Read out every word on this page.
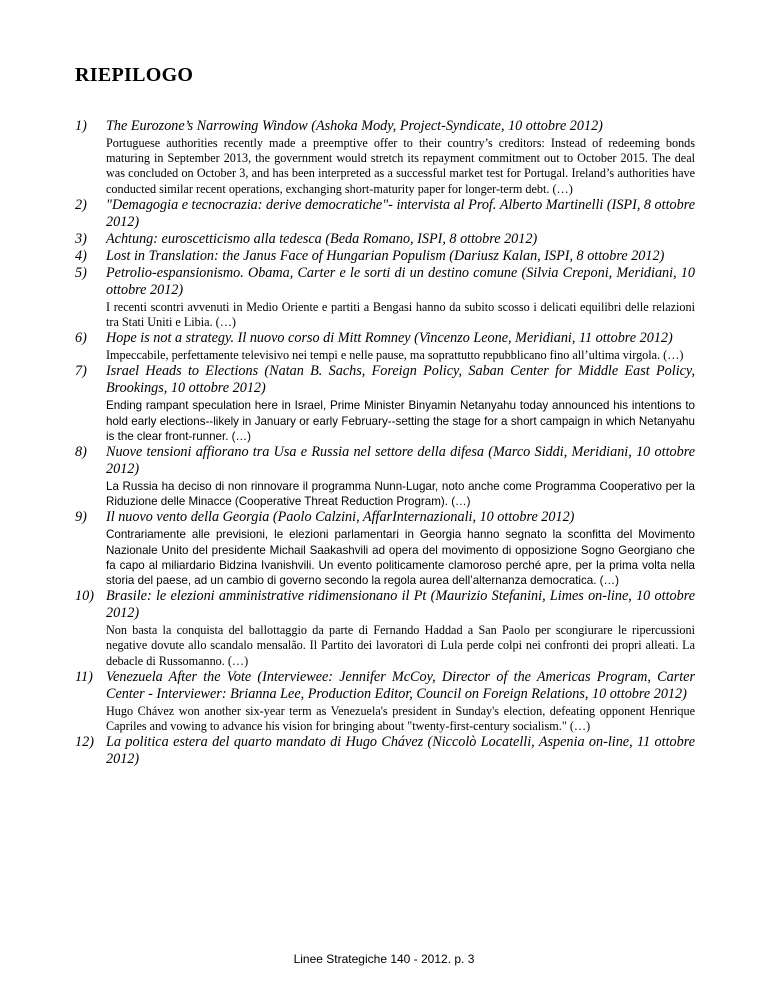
RIEPILOGO
1) The Eurozone’s Narrowing Window (Ashoka Mody, Project-Syndicate, 10 ottobre 2012)
Portuguese authorities recently made a preemptive offer to their country’s creditors: Instead of redeeming bonds maturing in September 2013, the government would stretch its repayment commitment out to October 2015. The deal was concluded on October 3, and has been interpreted as a successful market test for Portugal. Ireland’s authorities have conducted similar recent operations, exchanging short-maturity paper for longer-term debt. (…)
2) "Demagogia e tecnocrazia: derive democratiche"- intervista al Prof. Alberto Martinelli (ISPI, 8 ottobre 2012)
3) Achtung: euroscetticismo alla tedesca (Beda Romano, ISPI, 8 ottobre 2012)
4) Lost in Translation: the Janus Face of Hungarian Populism (Dariusz Kalan, ISPI, 8 ottobre 2012)
5) Petrolio-espansionismo. Obama, Carter e le sorti di un destino comune (Silvia Creponi, Meridiani, 10 ottobre 2012)
I recenti scontri avvenuti in Medio Oriente e partiti a Bengasi hanno da subito scosso i delicati equilibri delle relazioni tra Stati Uniti e Libia. (…)
6) Hope is not a strategy. Il nuovo corso di Mitt Romney (Vincenzo Leone, Meridiani, 11 ottobre 2012)
Impeccabile, perfettamente televisivo nei tempi e nelle pause, ma soprattutto repubblicano fino all’ultima virgola. (…)
7) Israel Heads to Elections (Natan B. Sachs, Foreign Policy, Saban Center for Middle East Policy, Brookings, 10 ottobre 2012)
Ending rampant speculation here in Israel, Prime Minister Binyamin Netanyahu today announced his intentions to hold early elections--likely in January or early February--setting the stage for a short campaign in which Netanyahu is the clear front-runner. (…)
8) Nuove tensioni affiorano tra Usa e Russia nel settore della difesa (Marco Siddi, Meridiani, 10 ottobre 2012)
La Russia ha deciso di non rinnovare il programma Nunn-Lugar, noto anche come Programma Cooperativo per la Riduzione delle Minacce (Cooperative Threat Reduction Program). (…)
9) Il nuovo vento della Georgia (Paolo Calzini, AffarInternazionali, 10 ottobre 2012)
Contrariamente alle previsioni, le elezioni parlamentari in Georgia hanno segnato la sconfitta del Movimento Nazionale Unito del presidente Michail Saakashvili ad opera del movimento di opposizione Sogno Georgiano che fa capo al miliardario Bidzina Ivanishvili. Un evento politicamente clamoroso perché apre, per la prima volta nella storia del paese, ad un cambio di governo secondo la regola aurea dell’alternanza democratica. (…)
10) Brasile: le elezioni amministrative ridimensionano il Pt (Maurizio Stefanini, Limes on-line, 10 ottobre 2012)
Non basta la conquista del ballottaggio da parte di Fernando Haddad a San Paolo per scongiurare le ripercussioni negative dovute allo scandalo mensalão. Il Partito dei lavoratori di Lula perde colpi nei confronti dei propri alleati. La debacle di Russomanno. (…)
11) Venezuela After the Vote (Interviewee: Jennifer McCoy, Director of the Americas Program, Carter Center - Interviewer: Brianna Lee, Production Editor, Council on Foreign Relations, 10 ottobre 2012)
Hugo Chávez won another six-year term as Venezuela's president in Sunday's election, defeating opponent Henrique Capriles and vowing to advance his vision for bringing about "twenty-first-century socialism." (…)
12) La politica estera del quarto mandato di Hugo Chávez (Niccolò Locatelli, Aspenia on-line, 11 ottobre 2012)
Linee Strategiche 140 - 2012. p. 3
